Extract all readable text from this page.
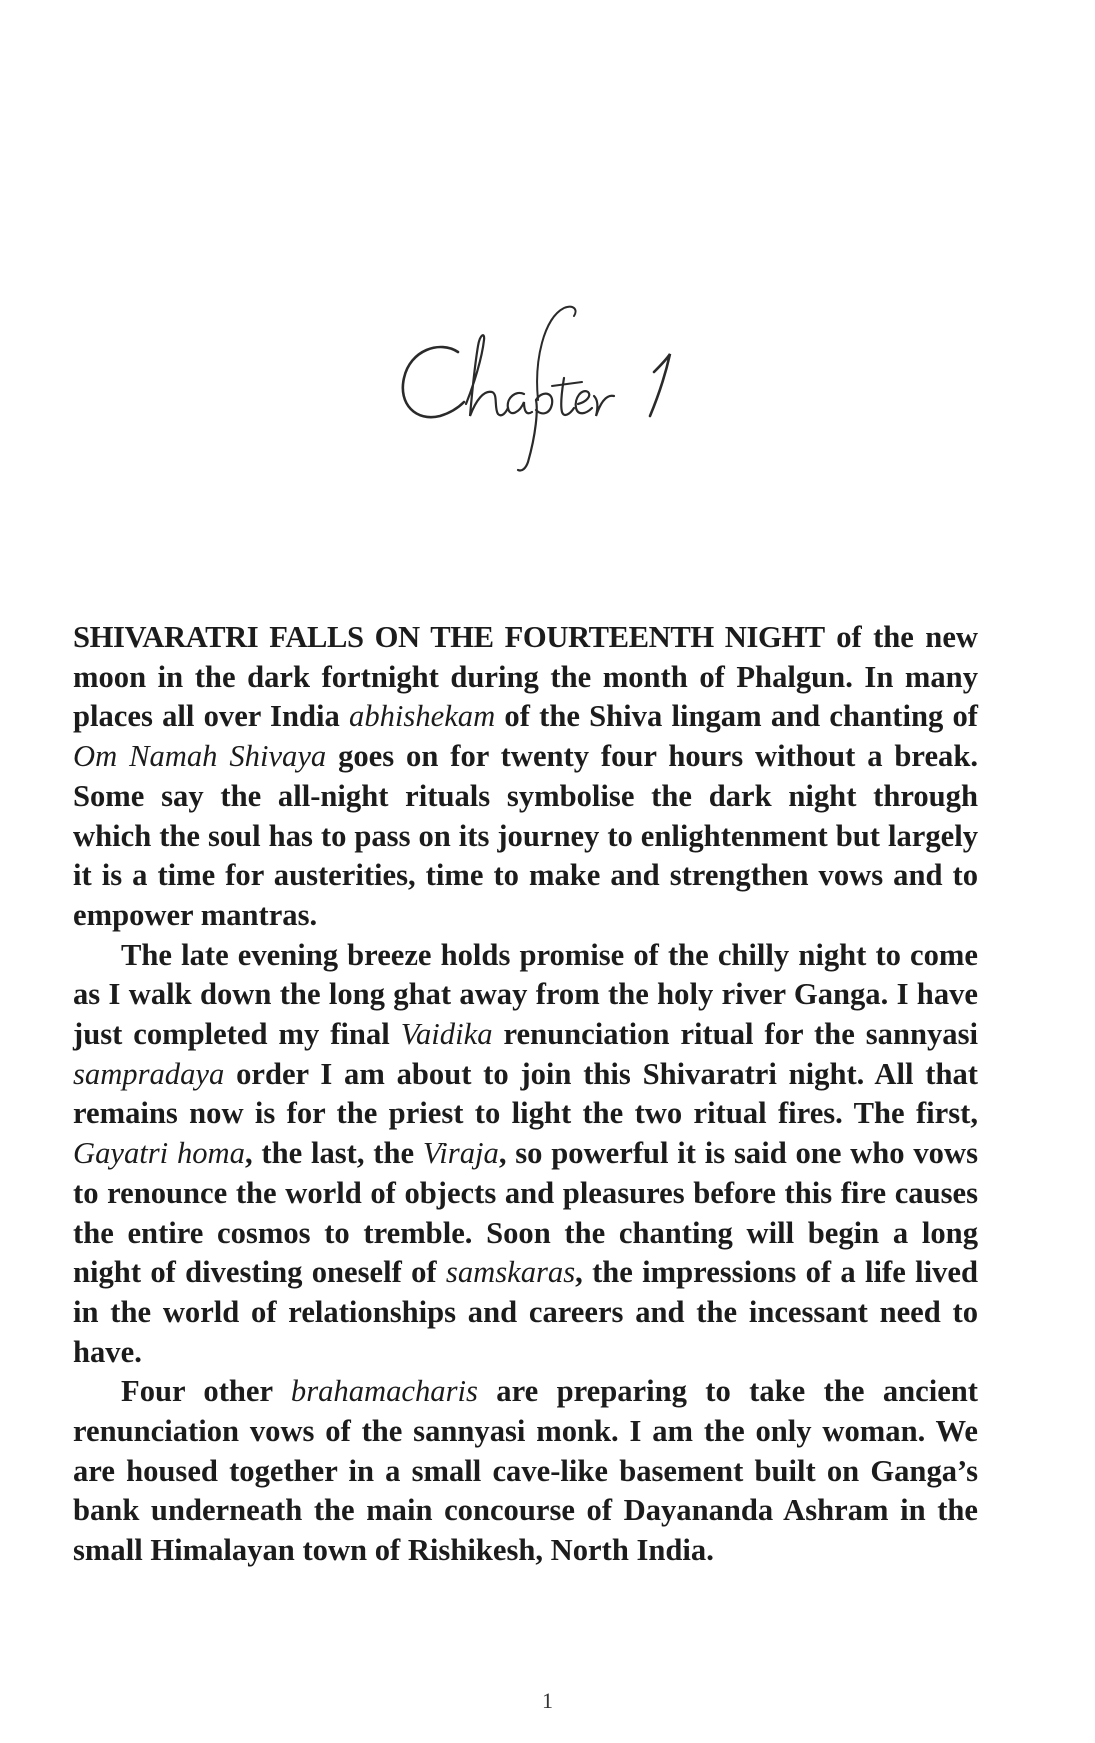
SHIVARATRI FALLS ON THE FOURTEENTH NIGHT of the new moon in the dark fortnight during the month of Phalgun. In many places all over India abhishekam of the Shiva lingam and chanting of Om Namah Shivaya goes on for twenty four hours without a break. Some say the all-night rituals symbolise the dark night through which the soul has to pass on its journey to enlightenment but largely it is a time for austerities, time to make and strengthen vows and to empower mantras.

The late evening breeze holds promise of the chilly night to come as I walk down the long ghat away from the holy river Ganga. I have just completed my final Vaidika renunciation ritual for the sannyasi sampradaya order I am about to join this Shivaratri night. All that remains now is for the priest to light the two ritual fires. The first, Gayatri homa, the last, the Viraja, so powerful it is said one who vows to renounce the world of objects and pleasures before this fire causes the entire cosmos to tremble. Soon the chanting will begin a long night of divesting oneself of samskaras, the impressions of a life lived in the world of relationships and careers and the incessant need to have.

Four other brahamacharis are preparing to take the ancient renunciation vows of the sannyasi monk. I am the only woman. We are housed together in a small cave-like basement built on Ganga’s bank underneath the main concourse of Dayananda Ashram in the small Himalayan town of Rishikesh, North India.

1
